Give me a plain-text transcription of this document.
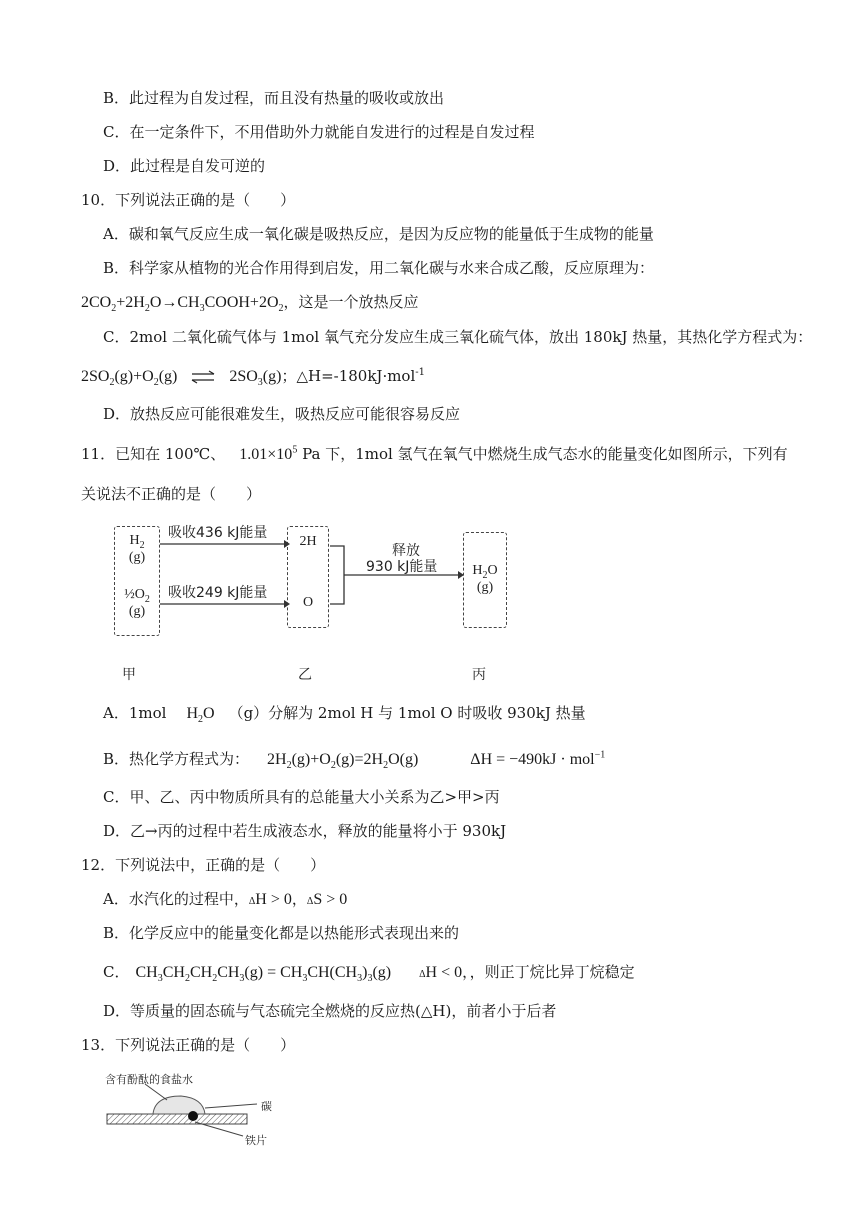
B．此过程为自发过程，而且没有热量的吸收或放出
C．在一定条件下，不用借助外力就能自发进行的过程是自发过程
D．此过程是自发可逆的
10．下列说法正确的是（　　）
A．碳和氧气反应生成一氧化碳是吸热反应，是因为反应物的能量低于生成物的能量
B．科学家从植物的光合作用得到启发，用二氧化碳与水来合成乙酸，反应原理为：
$2CO_2+2H_2O\to CH_3COOH+2O_2$，这是一个放热反应
C．2mol 二氧化硫气体与 1mol 氧气充分发应生成三氧化硫气体，放出 180kJ 热量，其热化学方程式为：
$2SO_2(g)+O_2(g)$ ⇌ $2SO_3(g)$；△H=-180kJ·mol$^{-1}$
D．放热反应可能很难发生，吸热反应可能很容易反应
11．已知在 100℃、 $1.01\times 10^5$ Pa 下，1mol 氢气在氧气中燃烧生成气态水的能量变化如图所示，下列有
关说法不正确的是（　　）
$H_2$
(g)
$\frac{1}{2}O_2$
(g)
2H
O
$H_2O$
(g)
吸收436 kJ能量
吸收249 kJ能量
释放
930 kJ能量
甲	乙	丙
A．1mol $H_2O$ （g）分解为 2mol H 与 1mol O 时吸收 930kJ 热量
B．热化学方程式为： $2H_2(g)+O_2(g)=2H_2O(g)$	ΔH = −490kJ · mol$^{-1}$
C．甲、乙、丙中物质所具有的总能量大小关系为乙>甲>丙
D．乙→丙的过程中若生成液态水，释放的能量将小于 930kJ
12．下列说法中，正确的是（　　）
A．水汽化的过程中，ΔH > 0，ΔS > 0
B．化学反应中的能量变化都是以热能形式表现出来的
C． $CH_3CH_2CH_2CH_3(g) = CH_3CH(CH_3)_3(g)$	ΔH < 0，，则正丁烷比异丁烷稳定
D．等质量的固态硫与气态硫完全燃烧的反应热(△H)，前者小于后者
13．下列说法正确的是（　　）
含有酚酞的食盐水
碳
铁片
